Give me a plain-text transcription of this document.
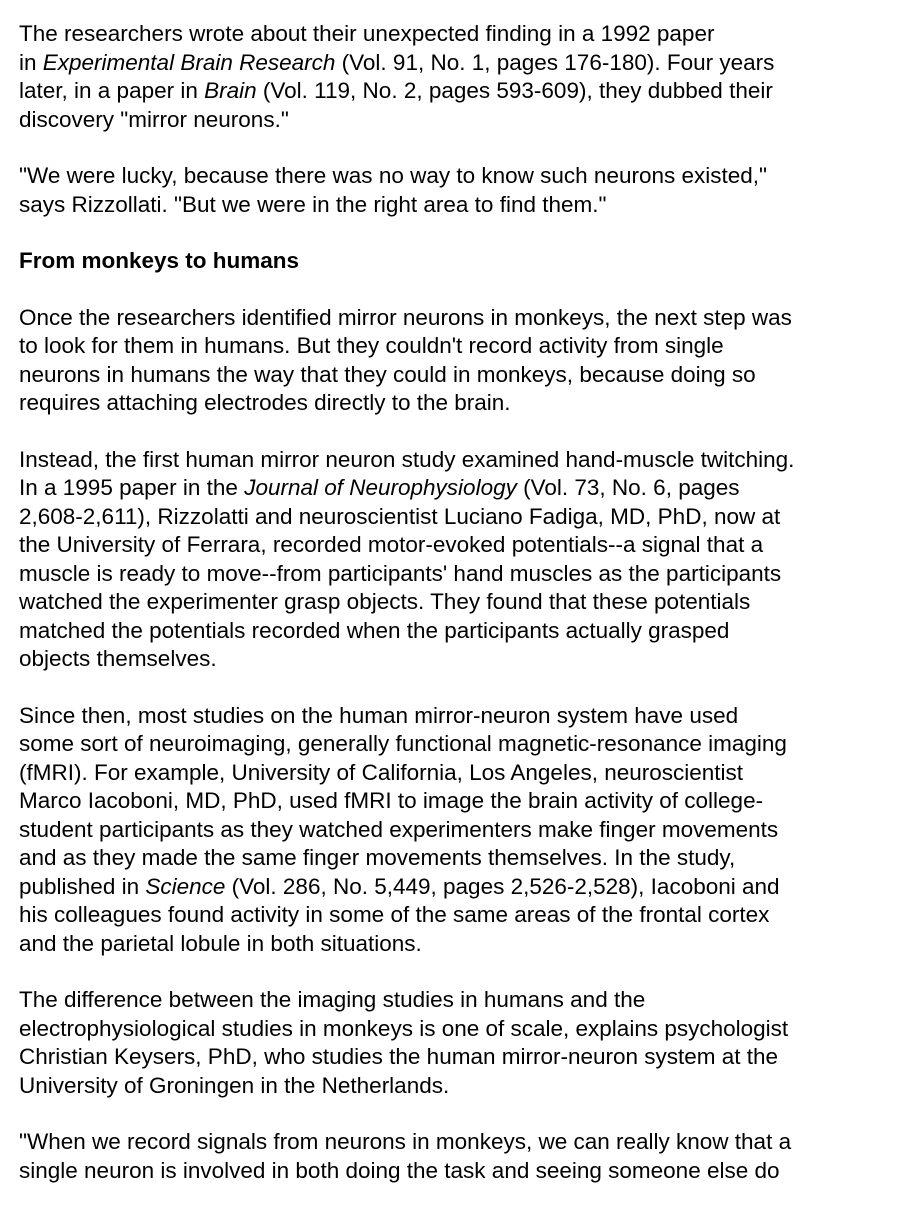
The researchers wrote about their unexpected finding in a 1992 paper
in Experimental Brain Research (Vol. 91, No. 1, pages 176-180). Four years
later, in a paper in Brain (Vol. 119, No. 2, pages 593-609), they dubbed their
discovery "mirror neurons."

"We were lucky, because there was no way to know such neurons existed,"
says Rizzollati. "But we were in the right area to find them."

From monkeys to humans

Once the researchers identified mirror neurons in monkeys, the next step was
to look for them in humans. But they couldn't record activity from single
neurons in humans the way that they could in monkeys, because doing so
requires attaching electrodes directly to the brain.

Instead, the first human mirror neuron study examined hand-muscle twitching.
In a 1995 paper in the Journal of Neurophysiology (Vol. 73, No. 6, pages
2,608-2,611), Rizzolatti and neuroscientist Luciano Fadiga, MD, PhD, now at
the University of Ferrara, recorded motor-evoked potentials--a signal that a
muscle is ready to move--from participants' hand muscles as the participants
watched the experimenter grasp objects. They found that these potentials
matched the potentials recorded when the participants actually grasped
objects themselves.

Since then, most studies on the human mirror-neuron system have used
some sort of neuroimaging, generally functional magnetic-resonance imaging
(fMRI). For example, University of California, Los Angeles, neuroscientist
Marco Iacoboni, MD, PhD, used fMRI to image the brain activity of college-
student participants as they watched experimenters make finger movements
and as they made the same finger movements themselves. In the study,
published in Science (Vol. 286, No. 5,449, pages 2,526-2,528), Iacoboni and
his colleagues found activity in some of the same areas of the frontal cortex
and the parietal lobule in both situations.

The difference between the imaging studies in humans and the
electrophysiological studies in monkeys is one of scale, explains psychologist
Christian Keysers, PhD, who studies the human mirror-neuron system at the
University of Groningen in the Netherlands.

"When we record signals from neurons in monkeys, we can really know that a
single neuron is involved in both doing the task and seeing someone else do
